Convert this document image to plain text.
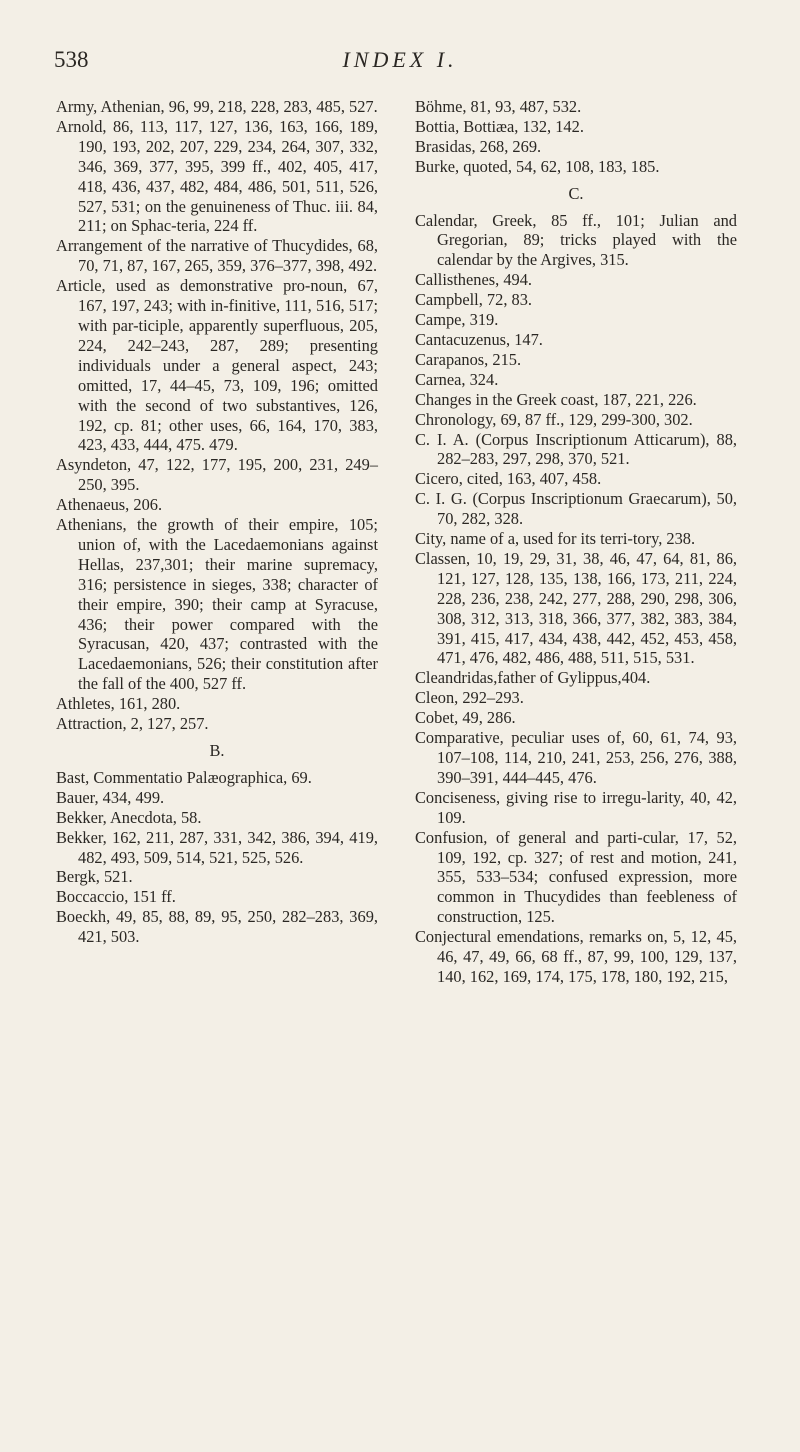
538	INDEX I.
Army, Athenian, 96, 99, 218, 228, 283, 485, 527.
Arnold, 86, 113, 117, 127, 136, 163, 166, 189, 190, 193, 202, 207, 229, 234, 264, 307, 332, 346, 369, 377, 395, 399 ff., 402, 405, 417, 418, 436, 437, 482, 484, 486, 501, 511, 526, 527, 531; on the genuineness of Thuc. iii. 84, 211; on Sphac-teria, 224 ff.
Arrangement of the narrative of Thucydides, 68, 70, 71, 87, 167, 265, 359, 376–377, 398, 492.
Article, used as demonstrative pro-noun, 67, 167, 197, 243; with in-finitive, 111, 516, 517; with par-ticiple, apparently superfluous, 205, 224, 242–243, 287, 289; presenting individuals under a general aspect, 243; omitted, 17, 44–45, 73, 109, 196; omitted with the second of two substantives, 126, 192, cp. 81; other uses, 66, 164, 170, 383, 423, 433, 444, 475. 479.
Asyndeton, 47, 122, 177, 195, 200, 231, 249–250, 395.
Athenaeus, 206.
Athenians, the growth of their empire, 105; union of, with the Lacedaemonians against Hellas, 237,301; their marine supremacy, 316; persistence in sieges, 338; character of their empire, 390; their camp at Syracuse, 436; their power compared with the Syracusan, 420, 437; contrasted with the Lacedaemonians, 526; their constitution after the fall of the 400, 527 ff.
Athletes, 161, 280.
Attraction, 2, 127, 257.
B.
Bast, Commentatio Palæographica, 69.
Bauer, 434, 499.
Bekker, Anecdota, 58.
Bekker, 162, 211, 287, 331, 342, 386, 394, 419, 482, 493, 509, 514, 521, 525, 526.
Bergk, 521.
Boccaccio, 151 ff.
Boeckh, 49, 85, 88, 89, 95, 250, 282–283, 369, 421, 503.
Böhme, 81, 93, 487, 532.
Bottia, Bottiæa, 132, 142.
Brasidas, 268, 269.
Burke, quoted, 54, 62, 108, 183, 185.
C.
Calendar, Greek, 85 ff., 101; Julian and Gregorian, 89; tricks played with the calendar by the Argives, 315.
Callisthenes, 494.
Campbell, 72, 83.
Campe, 319.
Cantacuzenus, 147.
Carapanos, 215.
Carnea, 324.
Changes in the Greek coast, 187, 221, 226.
Chronology, 69, 87 ff., 129, 299-300, 302.
C. I. A. (Corpus Inscriptionum Atticarum), 88, 282–283, 297, 298, 370, 521.
Cicero, cited, 163, 407, 458.
C. I. G. (Corpus Inscriptionum Graecarum), 50, 70, 282, 328.
City, name of a, used for its terri-tory, 238.
Classen, 10, 19, 29, 31, 38, 46, 47, 64, 81, 86, 121, 127, 128, 135, 138, 166, 173, 211, 224, 228, 236, 238, 242, 277, 288, 290, 298, 306, 308, 312, 313, 318, 366, 377, 382, 383, 384, 391, 415, 417, 434, 438, 442, 452, 453, 458, 471, 476, 482, 486, 488, 511, 515, 531.
Cleandridas,father of Gylippus,404.
Cleon, 292–293.
Cobet, 49, 286.
Comparative, peculiar uses of, 60, 61, 74, 93, 107–108, 114, 210, 241, 253, 256, 276, 388, 390–391, 444–445, 476.
Conciseness, giving rise to irregu-larity, 40, 42, 109.
Confusion, of general and parti-cular, 17, 52, 109, 192, cp. 327; of rest and motion, 241, 355, 533–534; confused expression, more common in Thucydides than feebleness of construction, 125.
Conjectural emendations, remarks on, 5, 12, 45, 46, 47, 49, 66, 68 ff., 87, 99, 100, 129, 137, 140, 162, 169, 174, 175, 178, 180, 192, 215,
